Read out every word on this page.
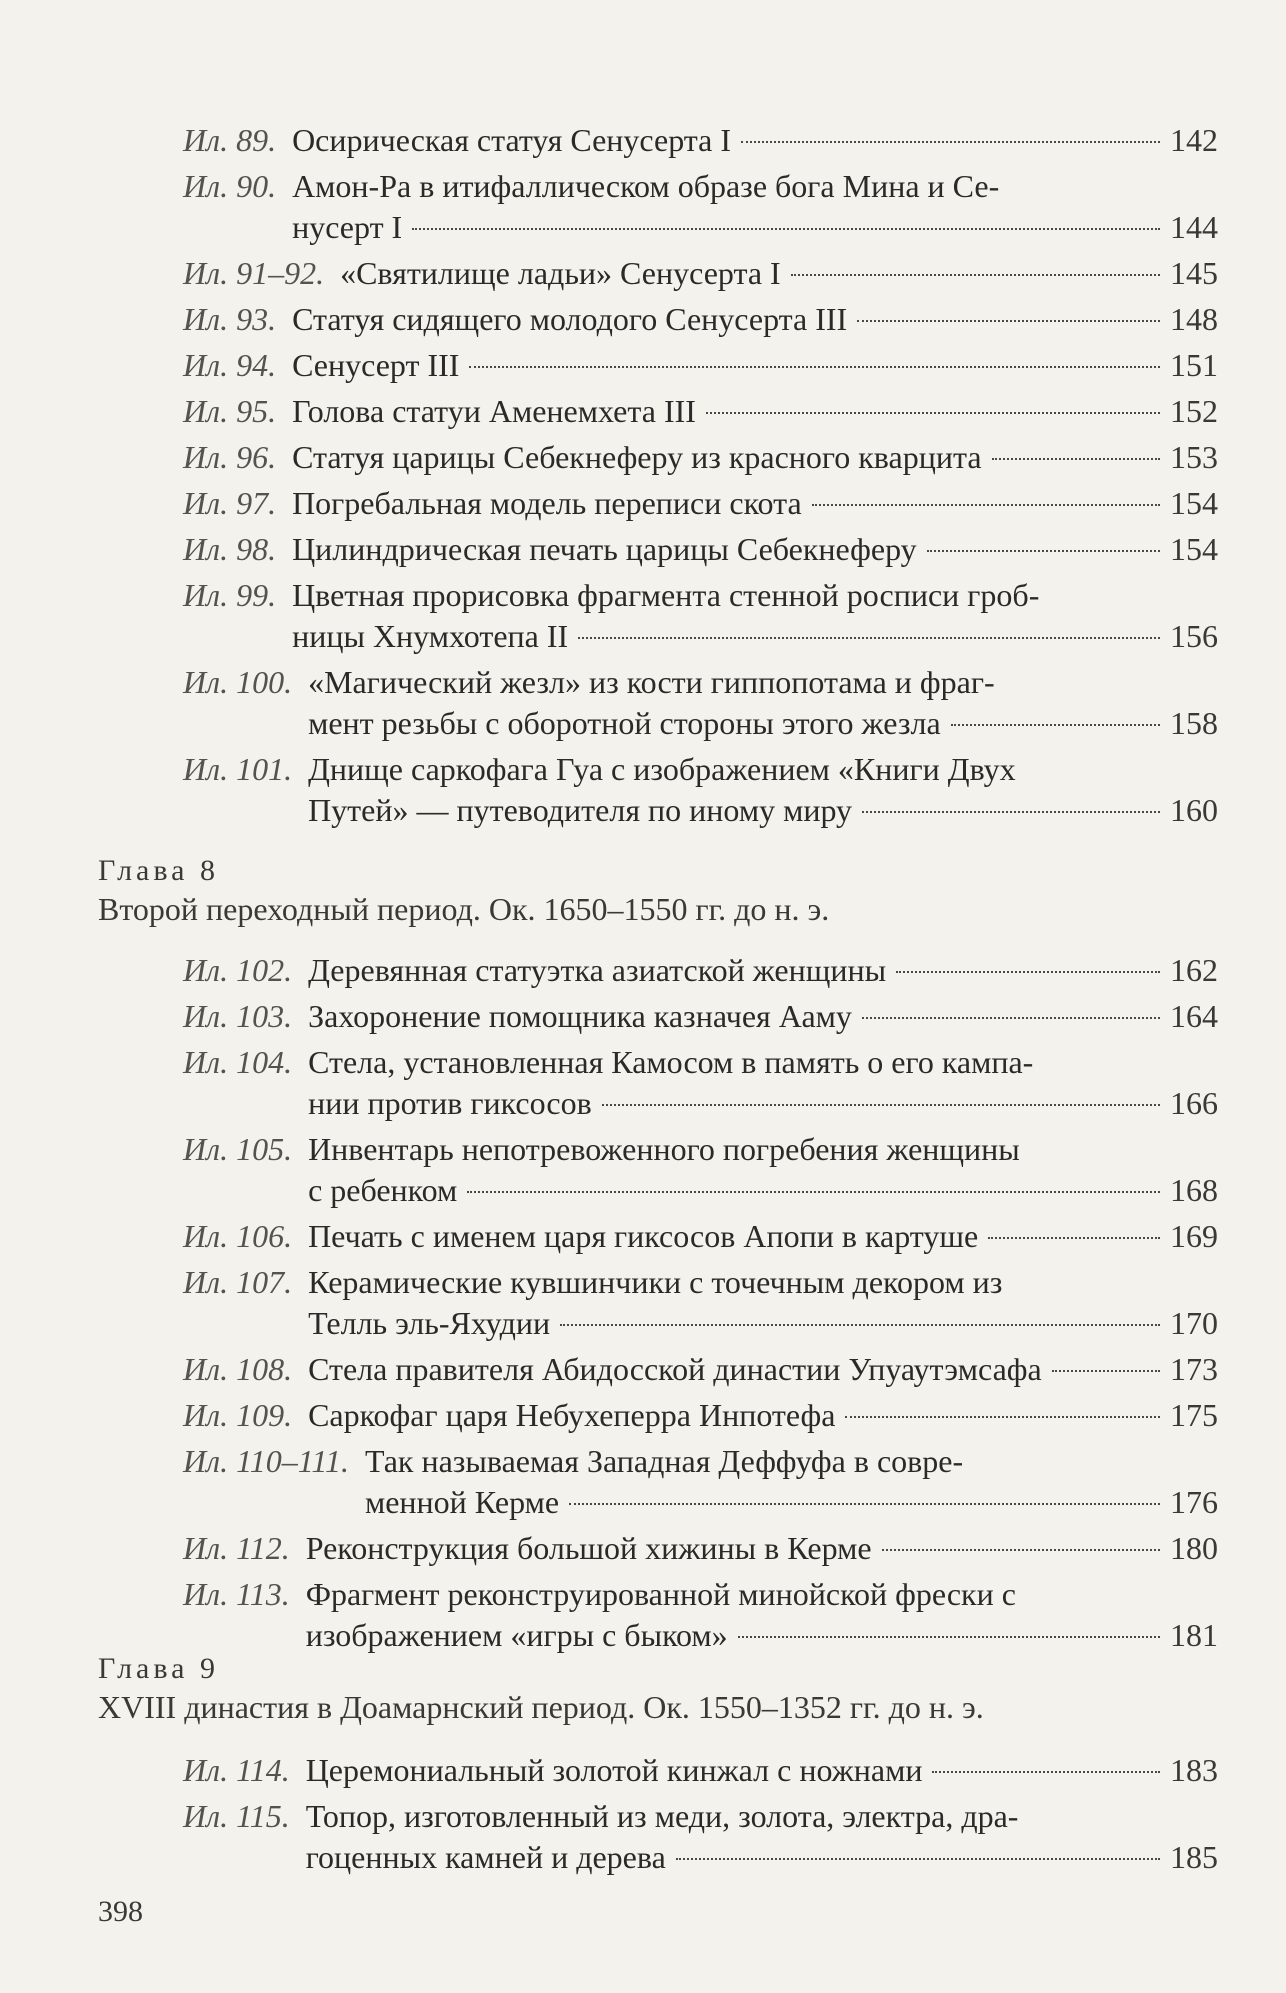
Ил. 89. Осирическая статуя Сенусерта I	142
Ил. 90. Амон-Ра в итифаллическом образе бога Мина и Се-
нусерт I	144
Ил. 91–92. «Святилище ладьи» Сенусерта I	145
Ил. 93. Статуя сидящего молодого Сенусерта III	148
Ил. 94. Сенусерт III	151
Ил. 95. Голова статуи Аменемхета III	152
Ил. 96. Статуя царицы Себекнеферу из красного кварцита	153
Ил. 97. Погребальная модель переписи скота	154
Ил. 98. Цилиндрическая печать царицы Себекнеферу	154
Ил. 99. Цветная прорисовка фрагмента стенной росписи гроб-
ницы Хнумхотепа II	156
Ил. 100. «Магический жезл» из кости гиппопотама и фраг-
мент резьбы с оборотной стороны этого жезла	158
Ил. 101. Днище саркофага Гуа с изображением «Книги Двух
Путей» — путеводителя по иному миру	160
Глава 8
Второй переходный период. Ок. 1650–1550 гг. до н. э.
Ил. 102. Деревянная статуэтка азиатской женщины	162
Ил. 103. Захоронение помощника казначея Ааму	164
Ил. 104. Стела, установленная Камосом в память о его кампа-
нии против гиксосов	166
Ил. 105. Инвентарь непотревоженного погребения женщины
с ребенком	168
Ил. 106. Печать с именем царя гиксосов Апопи в картуше	169
Ил. 107. Керамические кувшинчики с точечным декором из
Телль эль-Яхудии	170
Ил. 108. Стела правителя Абидосской династии Упуаутэмсафа	173
Ил. 109. Саркофаг царя Небухеперра Инпотефа	175
Ил. 110–111. Так называемая Западная Деффуфа в совре-
менной Керме	176
Ил. 112. Реконструкция большой хижины в Керме	180
Ил. 113. Фрагмент реконструированной минойской фрески с
изображением «игры с быком»	181
Глава 9
XVIII династия в Доамарнский период. Ок. 1550–1352 гг. до н. э.
Ил. 114. Церемониальный золотой кинжал с ножнами	183
Ил. 115. Топор, изготовленный из меди, золота, электра, дра-
гоценных камней и дерева	185
398
